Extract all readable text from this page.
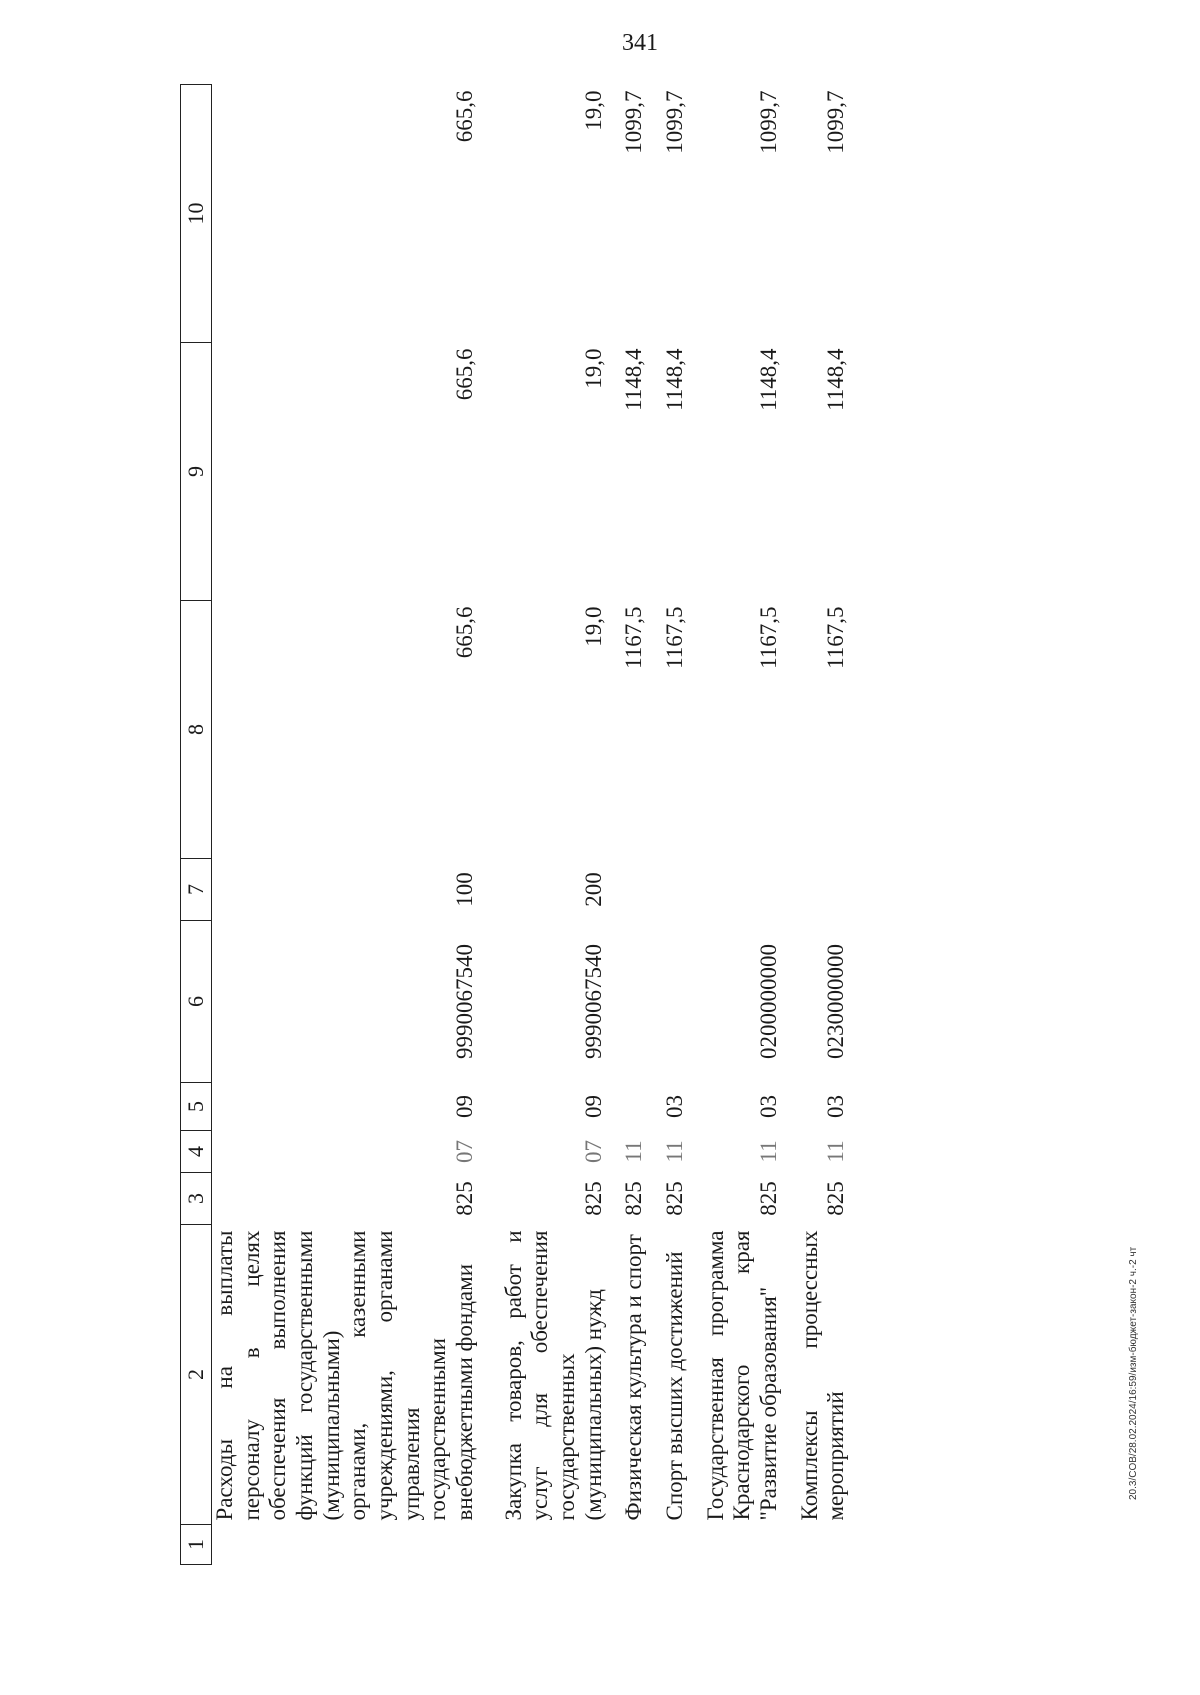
341
20.3/COB/28.02.2024/16:59/изм-бюджет-закон-2 ч.-2 чт
1	2	3	4	5	6	7	8	9	10
	Расходы на выплаты персоналу в целях обеспечения выполнения функций государственными (муниципальными) органами, казенными учреждениями, органами управления государственными внебюджетными фондами	825	07	09	9990067540	100	665,6	665,6	665,6
	Закупка товаров, работ и услуг для обеспечения государственных (муниципальных) нужд	825	07	09	9990067540	200	19,0	19,0	19,0
	Физическая культура и спорт	825	11				1167,5	1148,4	1099,7
	Спорт высших достижений	825	11	03			1167,5	1148,4	1099,7
	Государственная программа Краснодарского края "Развитие образования"	825	11	03	0200000000		1167,5	1148,4	1099,7
	Комплексы процессных мероприятий	825	11	03	0230000000		1167,5	1148,4	1099,7
